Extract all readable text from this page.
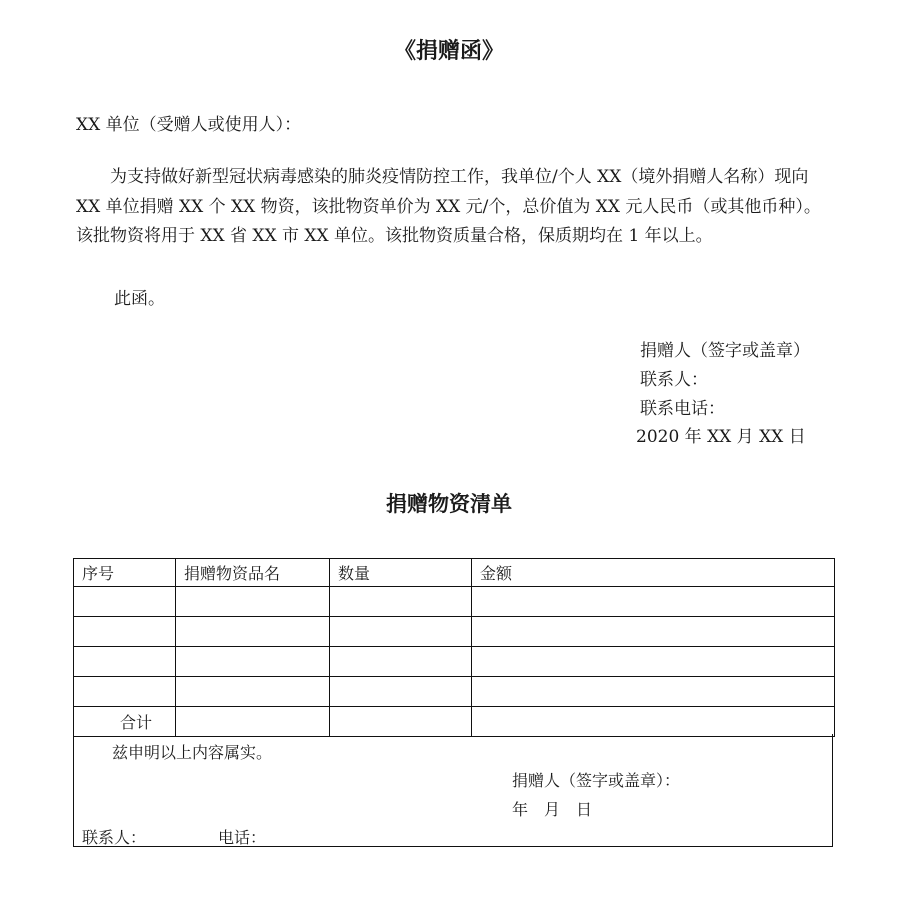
《捐赠函》
XX 单位（受赠人或使用人）：

为支持做好新型冠状病毒感染的肺炎疫情防控工作，我单位/个人 XX（境外捐赠人名称）现向 XX 单位捐赠 XX 个 XX 物资，该批物资单价为 XX 元/个，总价值为 XX 元人民币（或其他币种）。该批物资将用于 XX 省 XX 市 XX 单位。该批物资质量合格，保质期均在 1 年以上。

此函。
捐赠人（签字或盖章）
联系人：
联系电话：
2020 年 XX 月 XX 日
捐赠物资清单
序号	捐赠物资品名	数量	金额

合计			
兹申明以上内容属实。
捐赠人（签字或盖章）：
年　月　日
联系人：	电话：
